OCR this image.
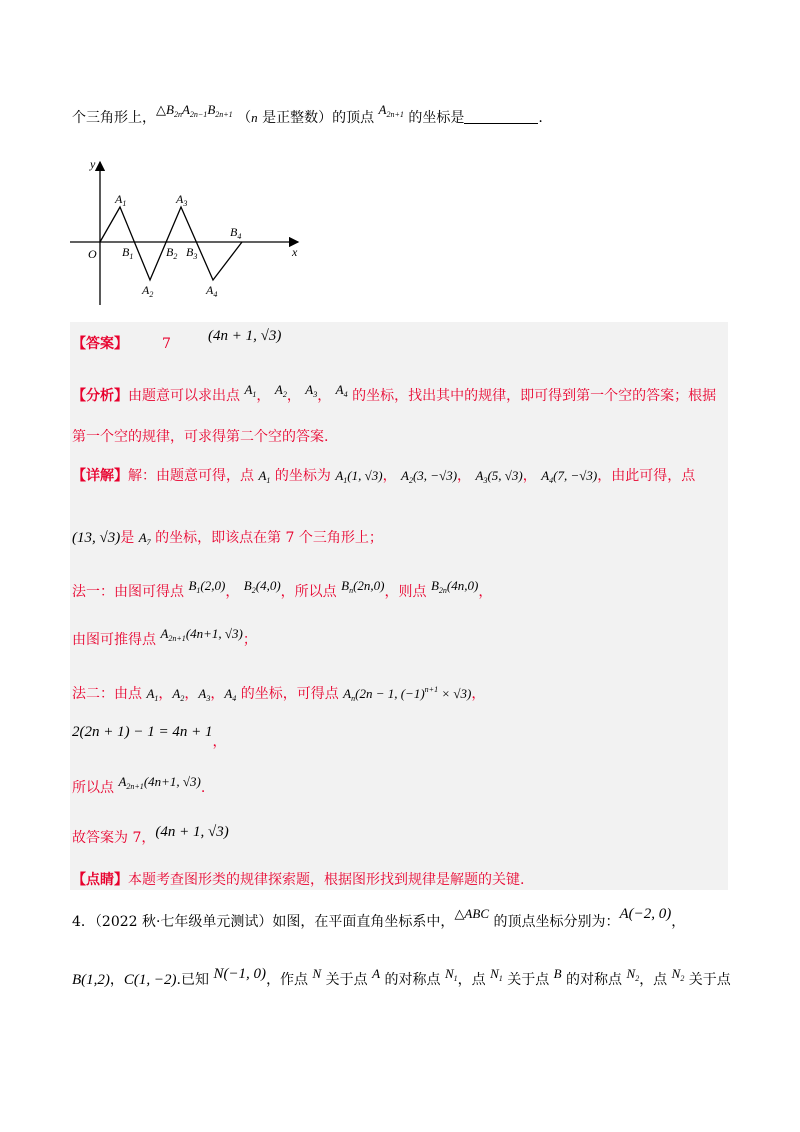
个三角形上，$\triangle B_{2n}A_{2n-1}B_{2n+1}$ （n 是正整数）的顶点 $A_{2n+1}$ 的坐标是	.
y
x
O
$A_1$
$A_2$
$A_3$
$A_4$
$B_1$	$B_2$ $B_3$
$B_4$
【答案】 7 (4n + 1, √3)
【分析】由题意可以求出点 $A_1$， $A_2$， $A_3$， $A_4$ 的坐标，找出其中的规律，即可得到第一个空的答案；根据
第一个空的规律，可求得第二个空的答案.
【详解】解：由题意可得，点 $A_1$ 的坐标为 $A_1(1$, √3)， $A_2(3$, −√3)， $A_3(5$, √3)， $A_4(7$, −√3)，由此可得，点
(13, √3)是 $A_7$ 的坐标，即该点在第 7 个三角形上；
法一：由图可得点 $B_1(2,0)$， $B_2(4,0)$，所以点 $B_n(2n,0)$，则点 $B_{2n}(4n,0)$，
由图可推得点 $A_{2n+1}(4n+1$, √3)；
法二：由点 $A_1$，$A_2$，$A_3$，$A_4$ 的坐标，可得点 $A_n(2n - 1$, $(-1)^{n+1} \times √3$)，
2(2n + 1) − 1 = 4n + 1，
所以点 $A_{2n+1}(4n+1$, √3).
故答案为 7，(4n + 1, √3)
【点睛】本题考查图形类的规律探索题，根据图形找到规律是解题的关键.
4．（2022 秋·七年级单元测试）如图，在平面直角坐标系中，△ABC 的顶点坐标分别为：A(−2, 0)，
B(1,2)，C(1, −2).已知 N(−1, 0)，作点 N 关于点 A 的对称点 $N_1$，点 $N_1$ 关于点 B 的对称点 $N_2$，点 $N_2$ 关于点
